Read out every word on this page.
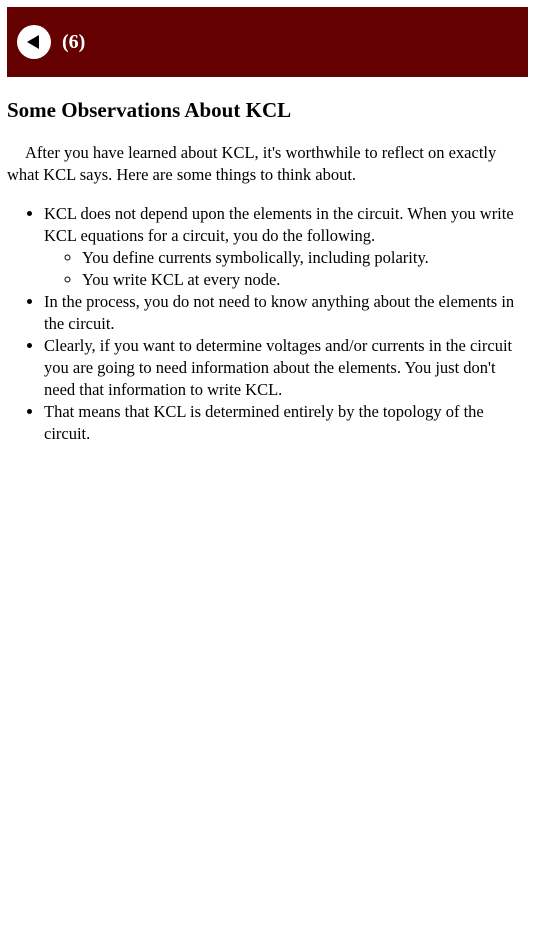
(6)
Some Observations About KCL

After you have learned about KCL, it's worthwhile to reflect on exactly what KCL says. Here are some things to think about.

• KCL does not depend upon the elements in the circuit. When you write KCL equations for a circuit, you do the following.
◦ You define currents symbolically, including polarity.
◦ You write KCL at every node.
• In the process, you do not need to know anything about the elements in the circuit.
• Clearly, if you want to determine voltages and/or currents in the circuit you are going to need information about the elements. You just don't need that information to write KCL.
• That means that KCL is determined entirely by the topology of the circuit.
